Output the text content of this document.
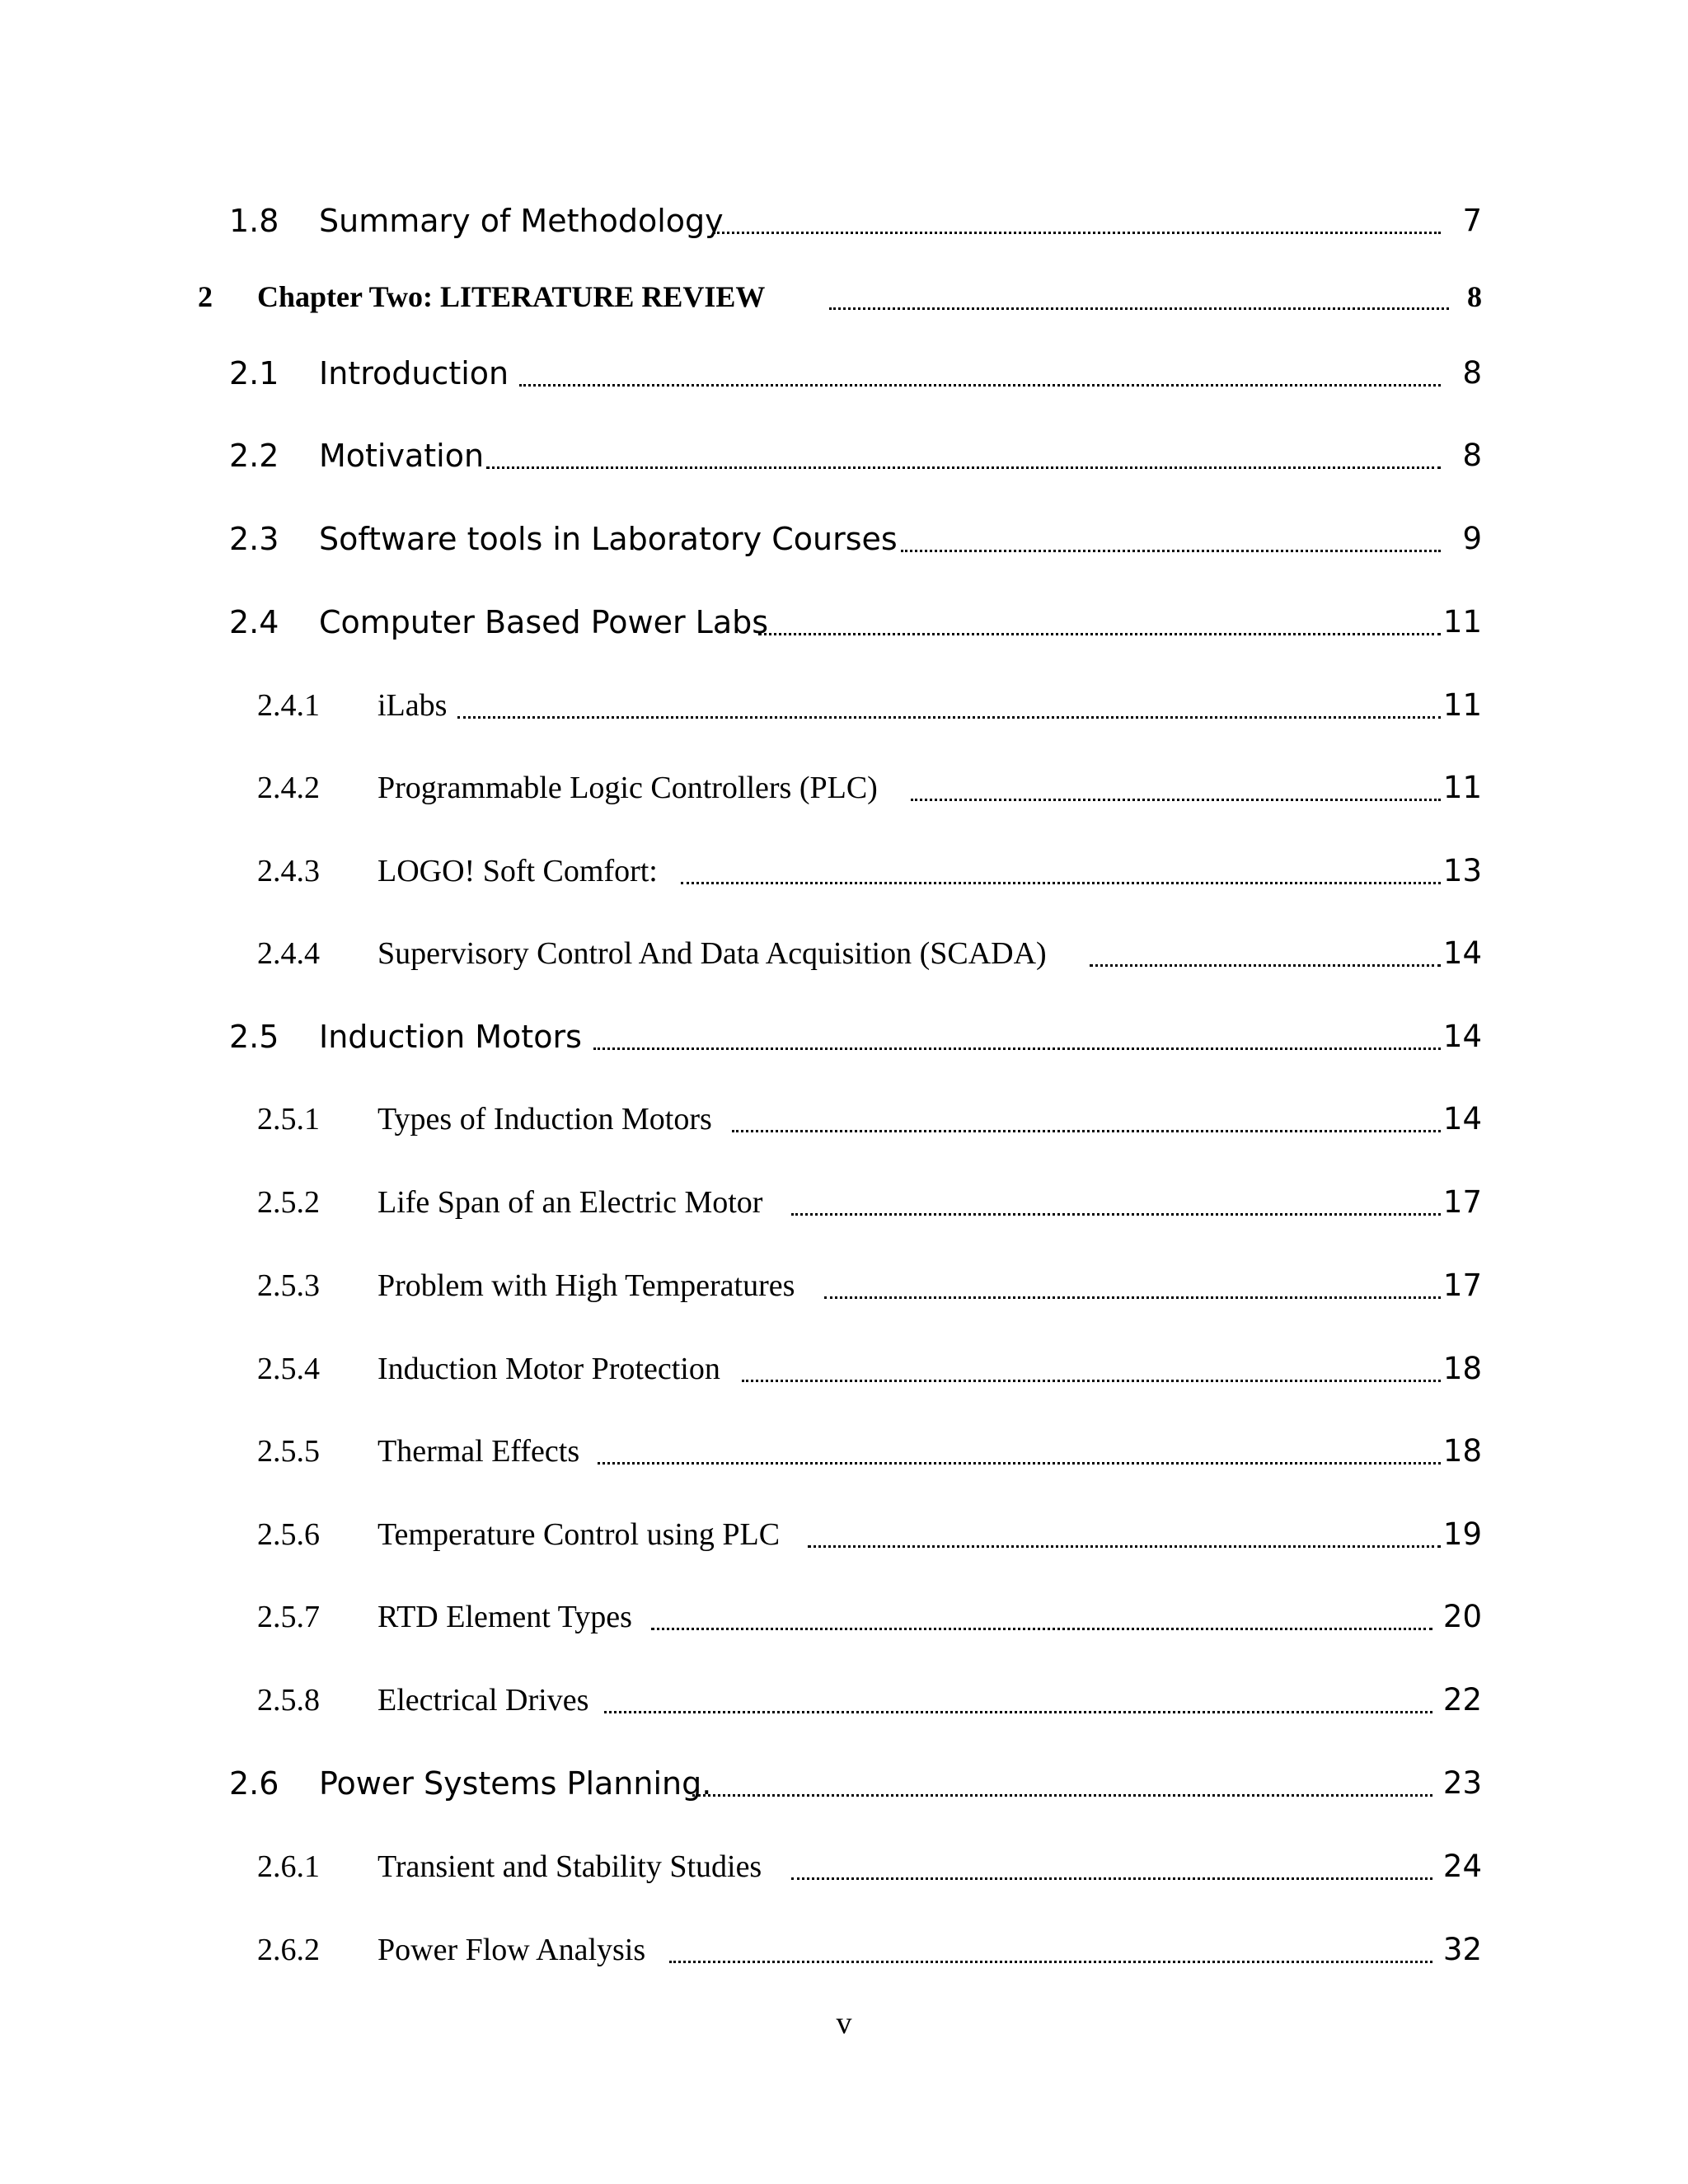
1.8 Summary of Methodology	7
2 Chapter Two: LITERATURE REVIEW	8
2.1 Introduction	8
2.2 Motivation	8
2.3 Software tools in Laboratory Courses	9
2.4 Computer Based Power Labs	11
2.4.1 iLabs	11
2.4.2 Programmable Logic Controllers (PLC)	11
2.4.3 LOGO! Soft Comfort:	13
2.4.4 Supervisory Control And Data Acquisition (SCADA)	14
2.5 Induction Motors	14
2.5.1 Types of Induction Motors	14
2.5.2 Life Span of an Electric Motor	17
2.5.3 Problem with High Temperatures	17
2.5.4 Induction Motor Protection	18
2.5.5 Thermal Effects	18
2.5.6 Temperature Control using PLC	19
2.5.7 RTD Element Types	20
2.5.8 Electrical Drives	22
2.6 Power Systems Planning.	23
2.6.1 Transient and Stability Studies	24
2.6.2 Power Flow Analysis	32
v
